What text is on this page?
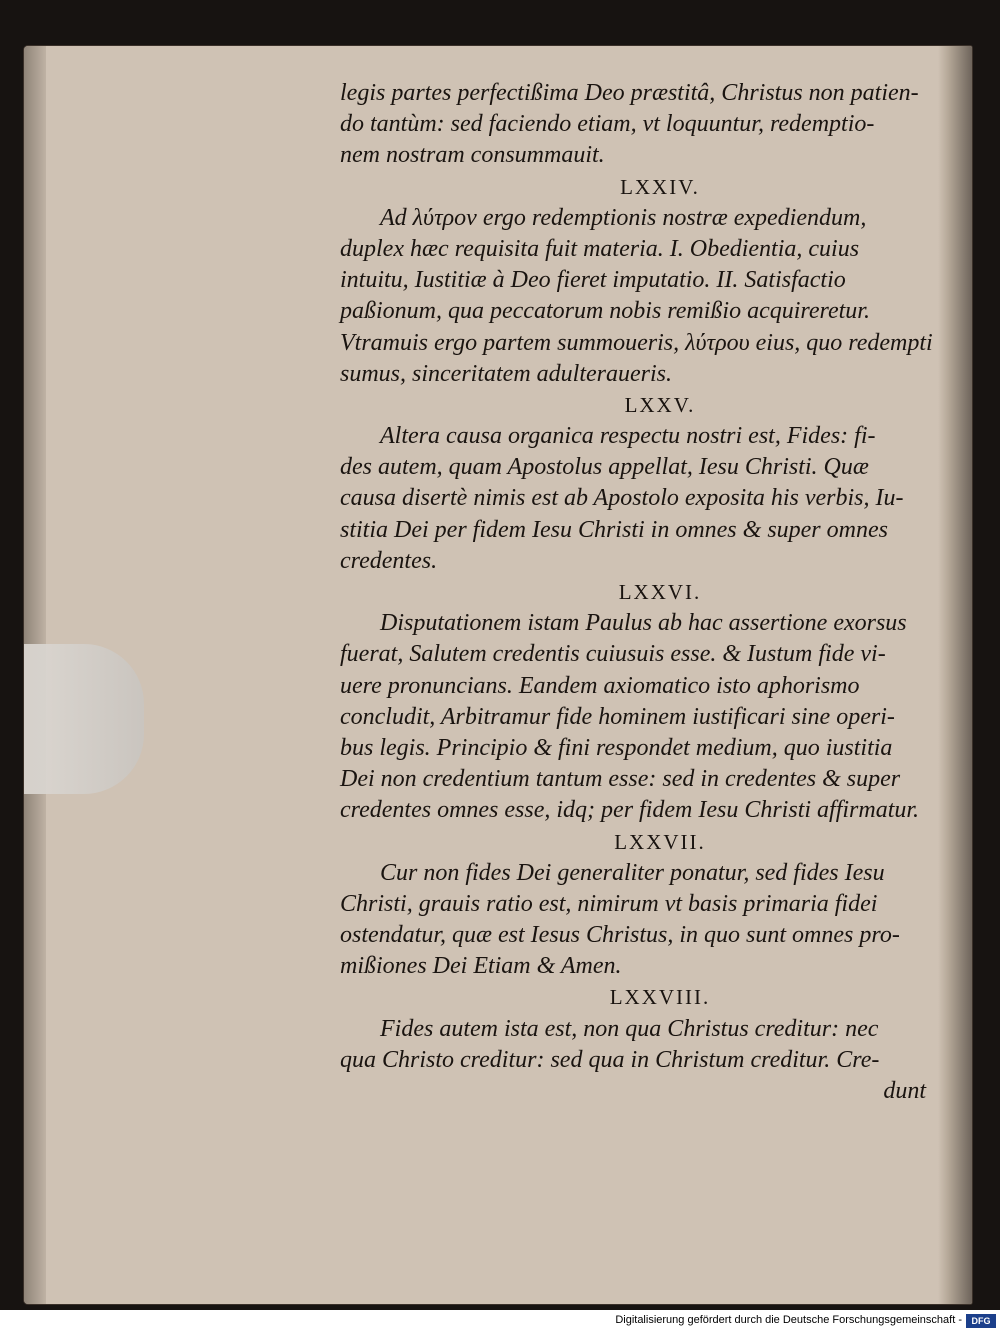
legis partes perfectißima Deo præstitâ, Christus non patien-
do tantùm: sed faciendo etiam, vt loquuntur, redemptio-
nem nostram consummauit.
LXXIV.
Ad λύτρον ergo redemptionis nostræ expediendum,
duplex hæc requisita fuit materia. I. Obedientia, cuius
intuitu, Iustitiæ à Deo fieret imputatio. II. Satisfactio
paßionum, qua peccatorum nobis remißio acquireretur.
Vtramuis ergo partem summoueris, λύτρου eius, quo redempti
sumus, sinceritatem adulteraueris.
LXXV.
Altera causa organica respectu nostri est, Fides: fi-
des autem, quam Apostolus appellat, Iesu Christi. Quæ
causa disertè nimis est ab Apostolo exposita his verbis, Iu-
stitia Dei per fidem Iesu Christi in omnes & super omnes
credentes.
LXXVI.
Disputationem istam Paulus ab hac assertione exorsus
fuerat, Salutem credentis cuiusuis esse. & Iustum fide vi-
uere pronuncians. Eandem axiomatico isto aphorismo
concludit, Arbitramur fide hominem iustificari sine operi-
bus legis. Principio & fini respondet medium, quo iustitia
Dei non credentium tantum esse: sed in credentes & super
credentes omnes esse, idq; per fidem Iesu Christi affirmatur.
LXXVII.
Cur non fides Dei generaliter ponatur, sed fides Iesu
Christi, grauis ratio est, nimirum vt basis primaria fidei
ostendatur, quæ est Iesus Christus, in quo sunt omnes pro-
mißiones Dei Etiam & Amen.
LXXVIII.
Fides autem ista est, non qua Christus creditur: nec
qua Christo creditur: sed qua in Christum creditur. Cre-
dunt
Digitalisierung gefördert durch die Deutsche Forschungsgemeinschaft -	DFG
